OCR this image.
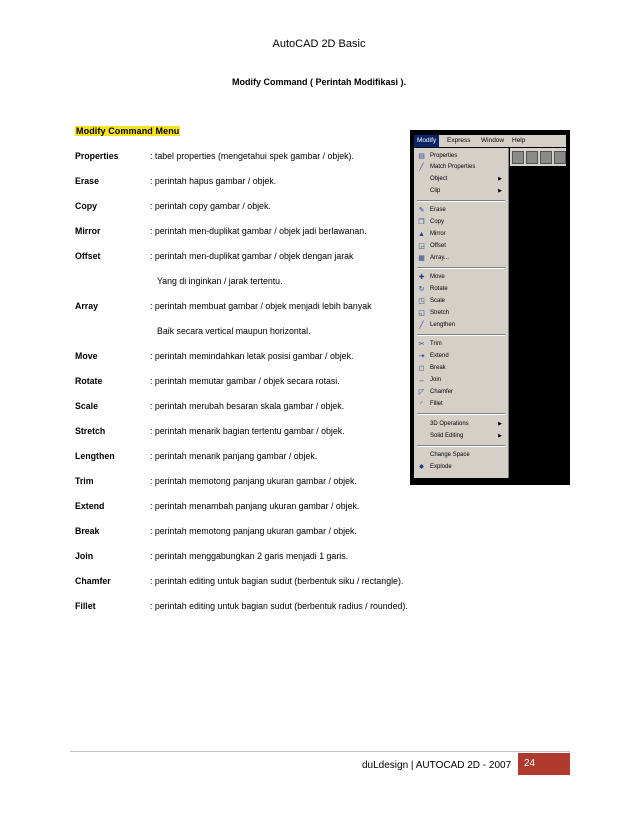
AutoCAD 2D Basic
Modify Command ( Perintah Modifikasi ).
Modify Command Menu
Properties	: tabel properties (mengetahui spek gambar / objek).
Erase	: perintah hapus gambar / objek.
Copy	: perintah copy gambar / objek.
Mirror	: perintah men-duplikat gambar / objek jadi berlawanan.
Offset	: perintah men-duplikat gambar / objek dengan jarak
Yang di inginkan / jarak tertentu.
Array	: perintah membuat gambar / objek menjadi lebih banyak
Baik secara vertical maupun horizontal.
Move	: perintah memindahkan letak posisi gambar / objek.
Rotate	: perintah memutar gambar / objek secara rotasi.
Scale	: perintah merubah besaran skala gambar / objek.
Stretch	: perintah menarik bagian tertentu gambar / objek.
Lengthen	: perintah menarik panjang gambar / objek.
Trim	: perintah memotong panjang ukuran gambar / objek.
Extend	: perintah menambah panjang ukuran gambar / objek.
Break	: perintah memotong panjang ukuran gambar / objek.
Join	: perintah menggabungkan 2 garis menjadi 1 garis.
Chamfer	: perintah editing untuk bagian sudut (berbentuk siku / rectangle).
Fillet	: perintah editing untuk bagian sudut (berbentuk radius / rounded).
Modify	Express Window Help
▤ Properties
╱ Match Properties
Object	▶
Clip	▶
✎ Erase
❐ Copy
▲ Mirror
◲ Offset
▦ Array...
✚ Move
↻ Rotate
◳ Scale
◱ Stretch
╱ Lengthen
✂ Trim
⇥ Extend
◻ Break
↔ Join
◸ Chamfer
◜	Fillet
3D Operations	▶
Solid Editing	▶
Change Space
✸ Explode
duLdesign | AUTOCAD 2D - 2007	24
